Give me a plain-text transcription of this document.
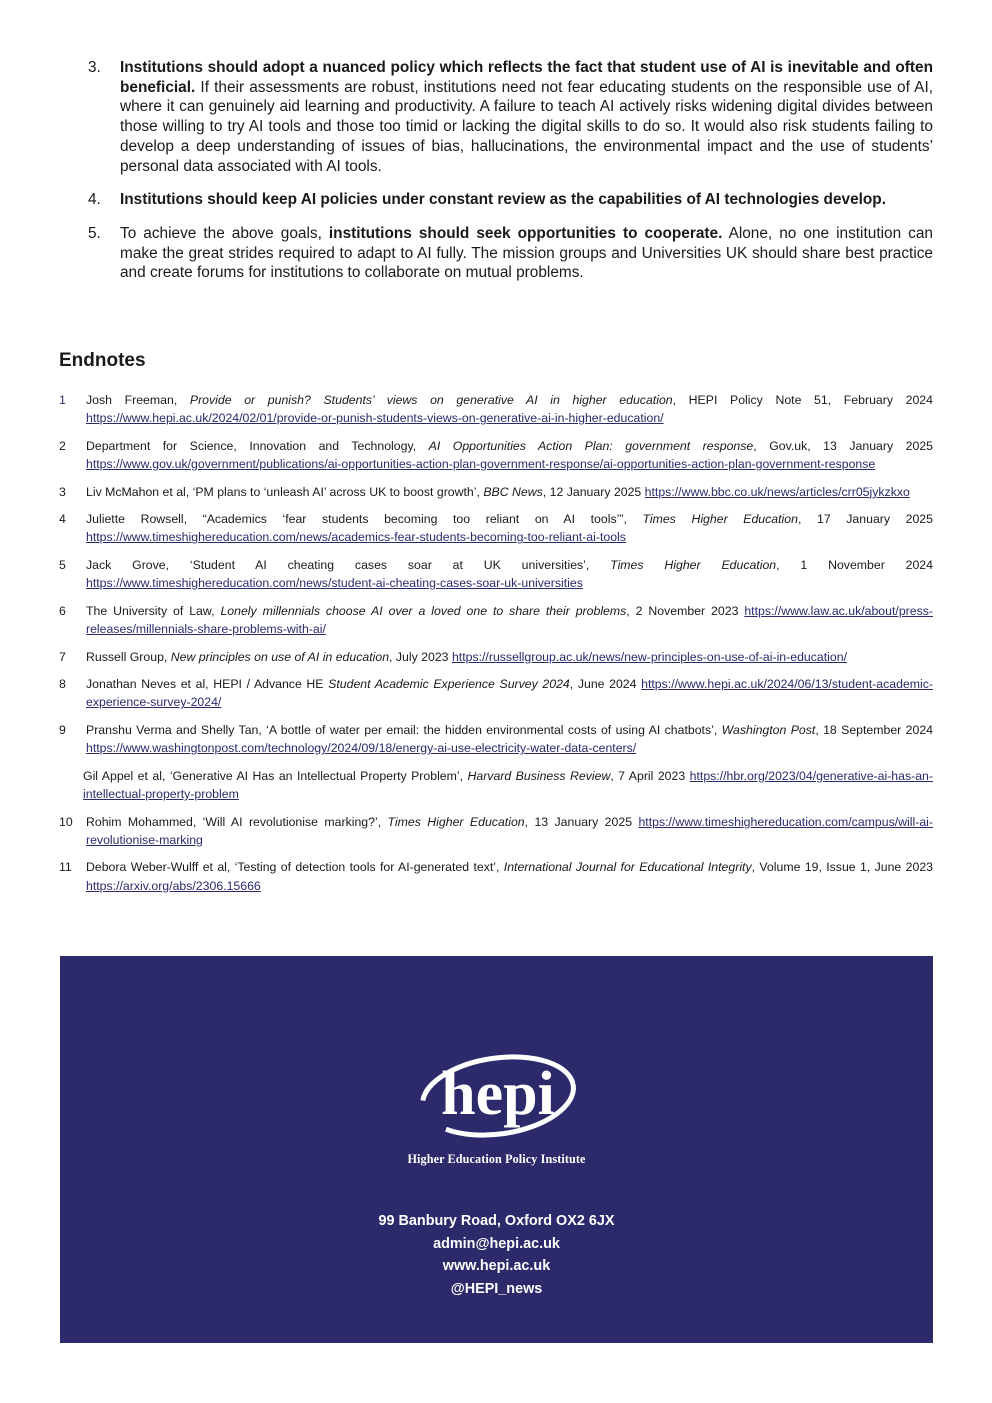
3.	Institutions should adopt a nuanced policy which reflects the fact that student use of AI is inevitable and often beneficial. If their assessments are robust, institutions need not fear educating students on the responsible use of AI, where it can genuinely aid learning and productivity. A failure to teach AI actively risks widening digital divides between those willing to try AI tools and those too timid or lacking the digital skills to do so. It would also risk students failing to develop a deep understanding of issues of bias, hallucinations, the environmental impact and the use of students’ personal data associated with AI tools.
4.	Institutions should keep AI policies under constant review as the capabilities of AI technologies develop.
5.	To achieve the above goals, institutions should seek opportunities to cooperate. Alone, no one institution can make the great strides required to adapt to AI fully. The mission groups and Universities UK should share best practice and create forums for institutions to collaborate on mutual problems.
Endnotes
1	Josh Freeman, Provide or punish? Students’ views on generative AI in higher education, HEPI Policy Note 51, February 2024 https://www.hepi.ac.uk/2024/02/01/provide-or-punish-students-views-on-generative-ai-in-higher-education/
2	Department for Science, Innovation and Technology, AI Opportunities Action Plan: government response, Gov.uk, 13 January 2025 https://www.gov.uk/government/publications/ai-opportunities-action-plan-government-response/ai-opportunities-action-plan-government-response
3	Liv McMahon et al, ‘PM plans to ‘unleash AI’ across UK to boost growth’, BBC News, 12 January 2025 https://www.bbc.co.uk/news/articles/crr05jykzkxo
4	Juliette Rowsell, “Academics ‘fear students becoming too reliant on AI tools’”, Times Higher Education, 17 January 2025 https://www.timeshighereducation.com/news/academics-fear-students-becoming-too-reliant-ai-tools
5	Jack Grove, ‘Student AI cheating cases soar at UK universities’, Times Higher Education, 1 November 2024 https://www.timeshighereducation.com/news/student-ai-cheating-cases-soar-uk-universities
6	The University of Law, Lonely millennials choose AI over a loved one to share their problems, 2 November 2023 https://www.law.ac.uk/about/press-releases/millennials-share-problems-with-ai/
7	Russell Group, New principles on use of AI in education, July 2023 https://russellgroup.ac.uk/news/new-principles-on-use-of-ai-in-education/
8	Jonathan Neves et al, HEPI / Advance HE Student Academic Experience Survey 2024, June 2024 https://www.hepi.ac.uk/2024/06/13/student-academic-experience-survey-2024/
9	Pranshu Verma and Shelly Tan, ‘A bottle of water per email: the hidden environmental costs of using AI chatbots’, Washington Post, 18 September 2024 https://www.washingtonpost.com/technology/2024/09/18/energy-ai-use-electricity-water-data-centers/
Gil Appel et al, ‘Generative AI Has an Intellectual Property Problem’, Harvard Business Review, 7 April 2023 https://hbr.org/2023/04/generative-ai-has-an-intellectual-property-problem
10	Rohim Mohammed, ‘Will AI revolutionise marking?’, Times Higher Education, 13 January 2025 https://www.timeshighereducation.com/campus/will-ai-revolutionise-marking
11	Debora Weber-Wulff et al, ‘Testing of detection tools for AI-generated text’, International Journal for Educational Integrity, Volume 19, Issue 1, June 2023 https://arxiv.org/abs/2306.15666
hepi
Higher Education Policy Institute
99 Banbury Road, Oxford OX2 6JX
admin@hepi.ac.uk
www.hepi.ac.uk
@HEPI_news
